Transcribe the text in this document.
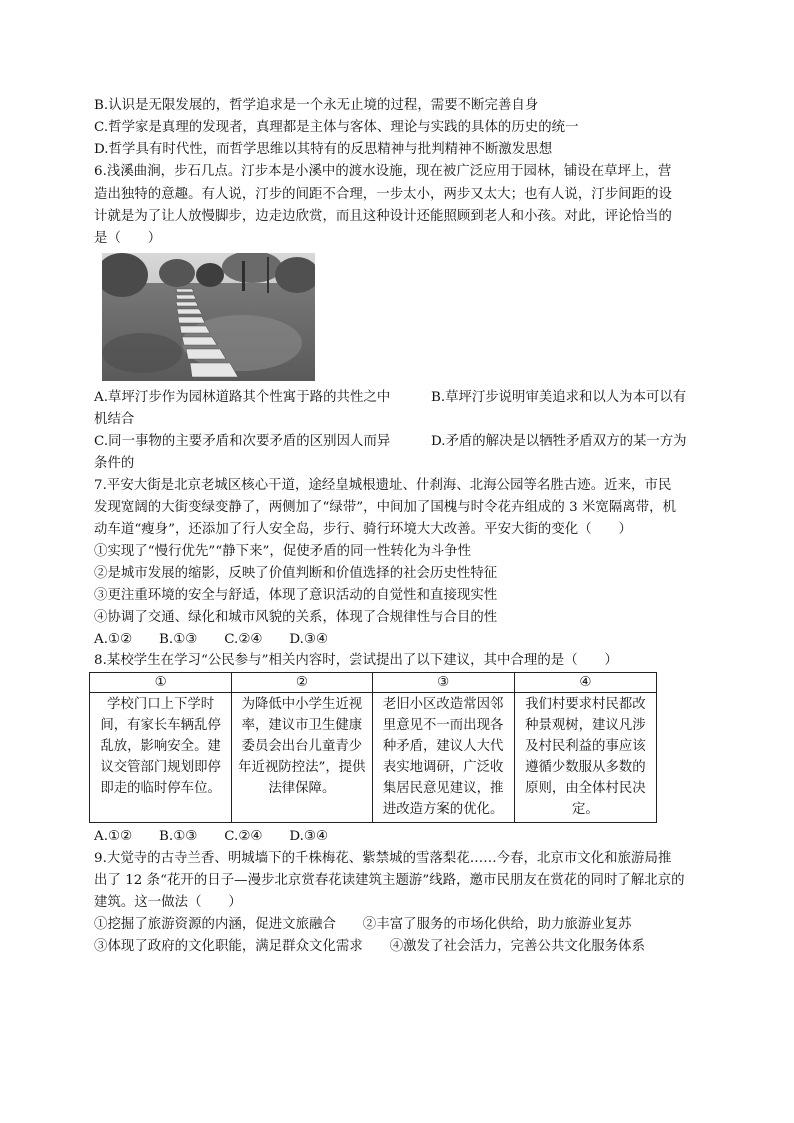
B.认识是无限发展的，哲学追求是一个永无止境的过程，需要不断完善自身
C.哲学家是真理的发现者，真理都是主体与客体、理论与实践的具体的历史的统一
D.哲学具有时代性，而哲学思维以其特有的反思精神与批判精神不断激发思想
6.浅溪曲涧，步石几点。汀步本是小溪中的渡水设施，现在被广泛应用于园林，铺设在草坪上，营
造出独特的意趣。有人说，汀步的间距不合理，一步太小，两步又太大；也有人说，汀步间距的设
计就是为了让人放慢脚步，边走边欣赏，而且这种设计还能照顾到老人和小孩。对此，评论恰当的
是（　　）
A.草坪汀步作为园林道路其个性寓于路的共性之中	B.草坪汀步说明审美追求和以人为本可以有
机结合
C.同一事物的主要矛盾和次要矛盾的区别因人而异	D.矛盾的解决是以牺牲矛盾双方的某一方为
条件的
7.平安大街是北京老城区核心干道，途经皇城根遗址、什刹海、北海公园等名胜古迹。近来，市民
发现宽阔的大街变绿变静了，两侧加了“绿带”，中间加了国槐与时令花卉组成的 3 米宽隔离带，机
动车道“瘦身”，还添加了行人安全岛，步行、骑行环境大大改善。平安大街的变化（　　）
①实现了“慢行优先”“静下来”，促使矛盾的同一性转化为斗争性
②是城市发展的缩影，反映了价值判断和价值选择的社会历史性特征
③更注重环境的安全与舒适，体现了意识活动的自觉性和直接现实性
④协调了交通、绿化和城市风貌的关系，体现了合规律性与合目的性
A.①②　　B.①③　　C.②④　　D.③④
8.某校学生在学习“公民参与”相关内容时，尝试提出了以下建议，其中合理的是（　　）
①	②	③	④

学校门口上下学时间，有家长车辆乱停乱放，影响安全。建议交管部门规划即停即走的临时停车位。	为降低中小学生近视率，建议市卫生健康委员会出台儿童青少年近视防控法”，提供法律保障。	老旧小区改造常因邻里意见不一而出现各种矛盾，建议人大代表实地调研，广泛收集居民意见建议，推进改造方案的优化。	我们村要求村民都改种景观树，建议凡涉及村民利益的事应该遵循少数服从多数的原则，由全体村民决定。
A.①②　　B.①③　　C.②④　　D.③④
9.大觉寺的古寺兰香、明城墙下的千株梅花、紫禁城的雪落梨花……今春，北京市文化和旅游局推
出了 12 条“花开的日子—漫步北京赏春花读建筑主题游”线路，邀市民朋友在赏花的同时了解北京的
建筑。这一做法（　　）
①挖掘了旅游资源的内涵，促进文旅融合　　②丰富了服务的市场化供给，助力旅游业复苏
③体现了政府的文化职能，满足群众文化需求　　④激发了社会活力，完善公共文化服务体系
